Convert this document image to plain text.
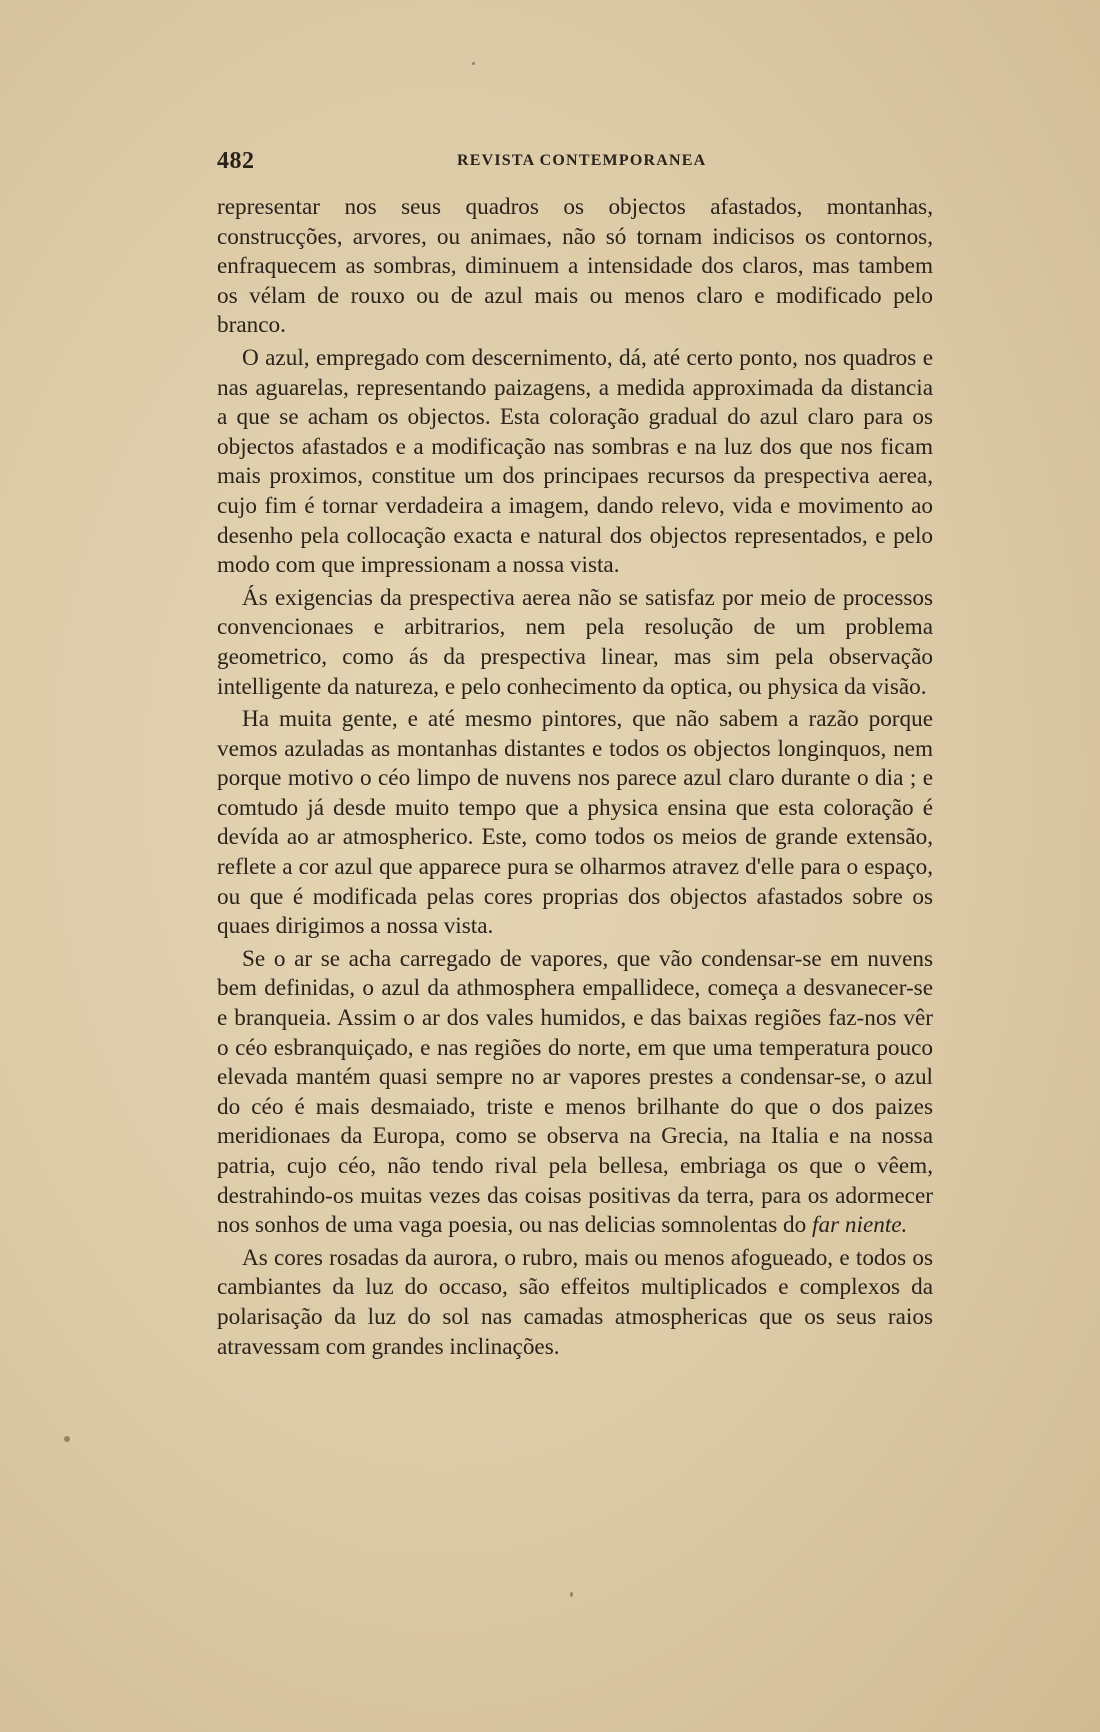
482	REVISTA CONTEMPORANEA

representar nos seus quadros os objectos afastados, montanhas, construcções, arvores, ou animaes, não só tornam indicisos os contornos, enfraquecem as sombras, diminuem a intensidade dos claros, mas tambem os vélam de rouxo ou de azul mais ou menos claro e modificado pelo branco.

O azul, empregado com descernimento, dá, até certo ponto, nos quadros e nas aguarelas, representando paizagens, a medida approximada da distancia a que se acham os objectos. Esta coloração gradual do azul claro para os objectos afastados e a modificação nas sombras e na luz dos que nos ficam mais proximos, constitue um dos principaes recursos da prespectiva aerea, cujo fim é tornar verdadeira a imagem, dando relevo, vida e movimento ao desenho pela collocação exacta e natural dos objectos representados, e pelo modo com que impressionam a nossa vista.

Ás exigencias da prespectiva aerea não se satisfaz por meio de processos convencionaes e arbitrarios, nem pela resolução de um problema geometrico, como ás da prespectiva linear, mas sim pela observação intelligente da natureza, e pelo conhecimento da optica, ou physica da visão.

Ha muita gente, e até mesmo pintores, que não sabem a razão porque vemos azuladas as montanhas distantes e todos os objectos longinquos, nem porque motivo o céo limpo de nuvens nos parece azul claro durante o dia ; e comtudo já desde muito tempo que a physica ensina que esta coloração é devída ao ar atmospherico. Este, como todos os meios de grande extensão, reflete a cor azul que apparece pura se olharmos atravez d'elle para o espaço, ou que é modificada pelas cores proprias dos objectos afastados sobre os quaes dirigimos a nossa vista.

Se o ar se acha carregado de vapores, que vão condensar-se em nuvens bem definidas, o azul da athmosphera empallidece, começa a desvanecer-se e branqueia. Assim o ar dos vales humidos, e das baixas regiões faz-nos vêr o céo esbranquiçado, e nas regiões do norte, em que uma temperatura pouco elevada mantém quasi sempre no ar vapores prestes a condensar-se, o azul do céo é mais desmaiado, triste e menos brilhante do que o dos paizes meridionaes da Europa, como se observa na Grecia, na Italia e na nossa patria, cujo céo, não tendo rival pela bellesa, embriaga os que o vêem, destrahindo-os muitas vezes das coisas positivas da terra, para os adormecer nos sonhos de uma vaga poesia, ou nas delicias somnolentas do far niente.

As cores rosadas da aurora, o rubro, mais ou menos afogueado, e todos os cambiantes da luz do occaso, são effeitos multiplicados e complexos da polarisação da luz do sol nas camadas atmosphericas que os seus raios atravessam com grandes inclinações.
